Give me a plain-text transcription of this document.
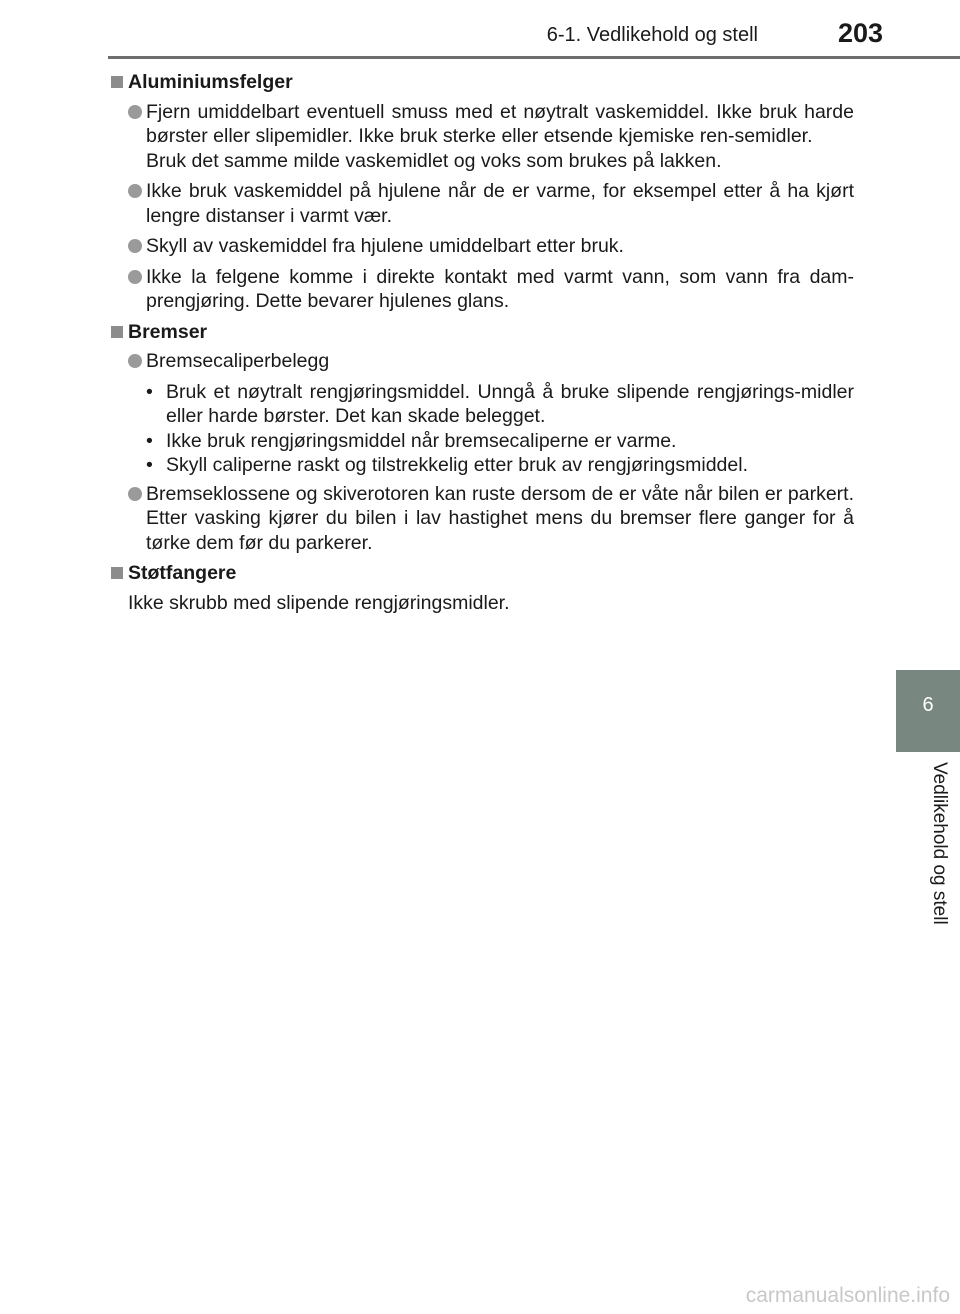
6-1. Vedlikehold og stell	203
6
Vedlikehold og stell
Aluminiumsfelger

Fjern umiddelbart eventuell smuss med et nøytralt vaskemiddel. Ikke bruk harde børster eller slipemidler. Ikke bruk sterke eller etsende kjemiske ren-semidler.

Bruk det samme milde vaskemidlet og voks som brukes på lakken.

Ikke bruk vaskemiddel på hjulene når de er varme, for eksempel etter å ha kjørt lengre distanser i varmt vær.

Skyll av vaskemiddel fra hjulene umiddelbart etter bruk.

Ikke la felgene komme i direkte kontakt med varmt vann, som vann fra dam-prengjøring. Dette bevarer hjulenes glans.

Bremser

Bremsecaliperbelegg

• Bruk et nøytralt rengjøringsmiddel. Unngå å bruke slipende rengjørings-midler eller harde børster. Det kan skade belegget.
• Ikke bruk rengjøringsmiddel når bremsecaliperne er varme.
• Skyll caliperne raskt og tilstrekkelig etter bruk av rengjøringsmiddel.

Bremseklossene og skiverotoren kan ruste dersom de er våte når bilen er parkert. Etter vasking kjører du bilen i lav hastighet mens du bremser flere ganger for å tørke dem før du parkerer.

Støtfangere
Ikke skrubb med slipende rengjøringsmidler.
carmanualsonline.info
